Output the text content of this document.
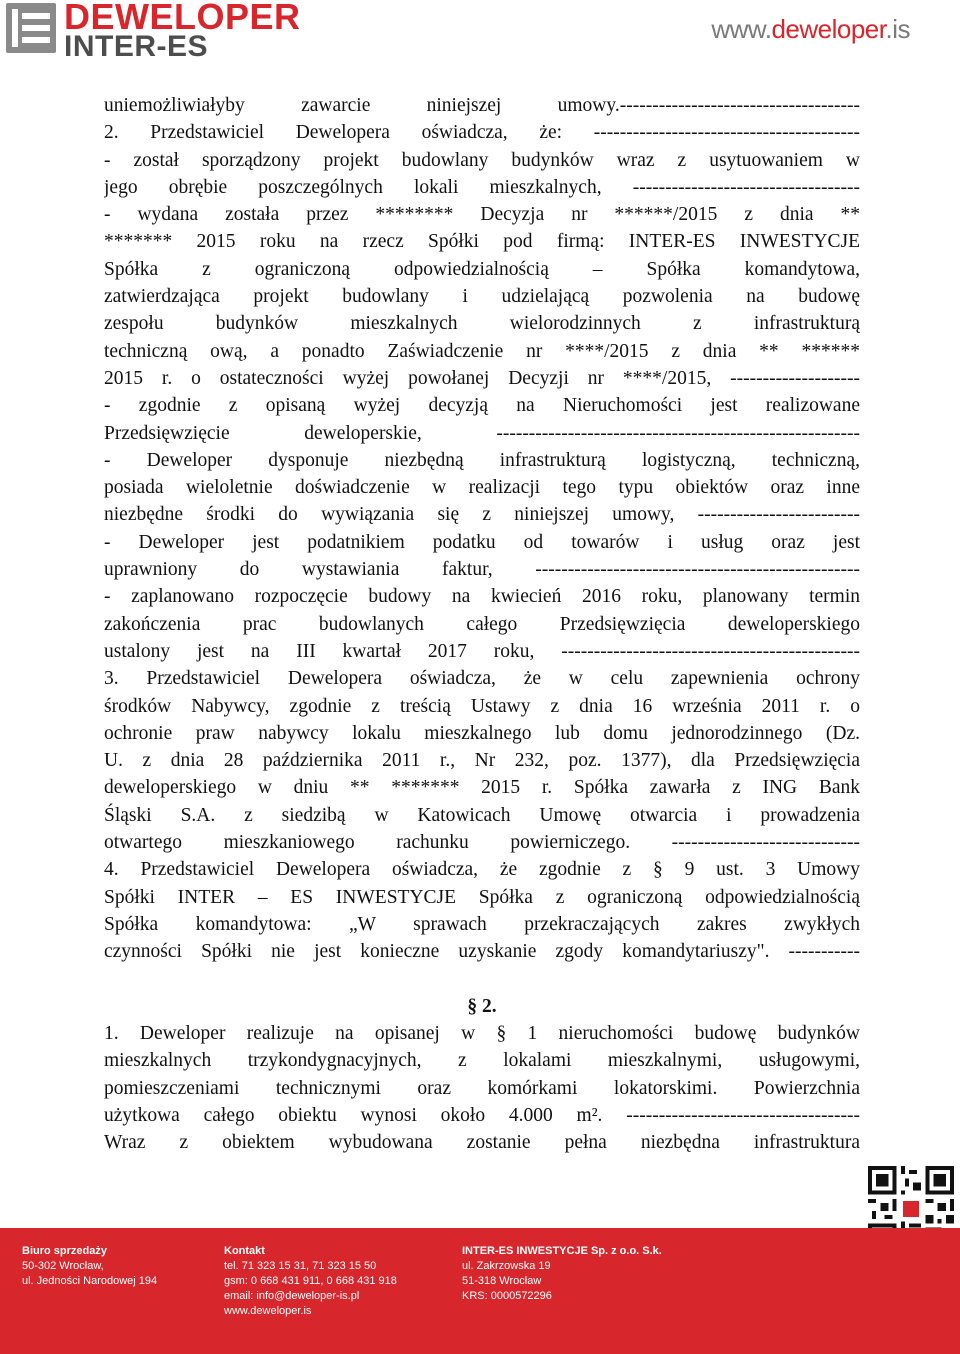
DEWELOPER
INTER-ES
www.deweloper.is
uniemożliwiałyby zawarcie niniejszej umowy.-------------------------------------
2. Przedstawiciel Dewelopera oświadcza, że: -----------------------------------------
- został sporządzony projekt budowlany budynków wraz z usytuowaniem w
jego obrębie poszczególnych lokali mieszkalnych, -----------------------------------
- wydana została przez ******** Decyzja nr ******/2015 z dnia **
******* 2015 roku na rzecz Spółki pod firmą: INTER-ES INWESTYCJE
Spółka z ograniczoną odpowiedzialnością – Spółka komandytowa,
zatwierdzająca projekt budowlany i udzielającą pozwolenia na budowę
zespołu budynków mieszkalnych wielorodzinnych z infrastrukturą
techniczną ową, a ponadto Zaświadczenie nr ****/2015 z dnia ** ******
2015 r. o ostateczności wyżej powołanej Decyzji nr ****/2015, --------------------
- zgodnie z opisaną wyżej decyzją na Nieruchomości jest realizowane
Przedsięwzięcie deweloperskie, --------------------------------------------------------
- Deweloper dysponuje niezbędną infrastrukturą logistyczną, techniczną,
posiada wieloletnie doświadczenie w realizacji tego typu obiektów oraz inne
niezbędne środki do wywiązania się z niniejszej umowy, -------------------------
- Deweloper jest podatnikiem podatku od towarów i usług oraz jest
uprawniony do wystawiania faktur, --------------------------------------------------
- zaplanowano rozpoczęcie budowy na kwiecień 2016 roku, planowany termin
zakończenia prac budowlanych całego Przedsięwzięcia deweloperskiego
ustalony jest na III kwartał 2017 roku, ----------------------------------------------
3. Przedstawiciel Dewelopera oświadcza, że w celu zapewnienia ochrony
środków Nabywcy, zgodnie z treścią Ustawy z dnia 16 września 2011 r. o
ochronie praw nabywcy lokalu mieszkalnego lub domu jednorodzinnego (Dz.
U. z dnia 28 października 2011 r., Nr 232, poz. 1377), dla Przedsięwzięcia
deweloperskiego w dniu ** ******* 2015 r. Spółka zawarła z ING Bank
Śląski S.A. z siedzibą w Katowicach Umowę otwarcia i prowadzenia
otwartego mieszkaniowego rachunku powierniczego. -----------------------------
4. Przedstawiciel Dewelopera oświadcza, że zgodnie z § 9 ust. 3 Umowy
Spółki INTER – ES INWESTYCJE Spółka z ograniczoną odpowiedzialnością
Spółka komandytowa: „W sprawach przekraczających zakres zwykłych
czynności Spółki nie jest konieczne uzyskanie zgody komandytariuszy". -----------
§ 2.
1. Deweloper realizuje na opisanej w § 1 nieruchomości budowę budynków
mieszkalnych trzykondygnacyjnych, z lokalami mieszkalnymi, usługowymi,
pomieszczeniami technicznymi oraz komórkami lokatorskimi. Powierzchnia
użytkowa całego obiektu wynosi około 4.000 m². ------------------------------------
Wraz z obiektem wybudowana zostanie pełna niezbędna infrastruktura
Biuro sprzedaży
50-302 Wrocław,
ul. Jedności Narodowej 194
Kontakt
tel. 71 323 15 31, 71 323 15 50
gsm: 0 668 431 911, 0 668 431 918
email: info@deweloper-is.pl
www.deweloper.is
INTER-ES INWESTYCJE Sp. z o.o. S.k.
ul. Zakrzowska 19
51-318 Wrocław
KRS: 0000572296
